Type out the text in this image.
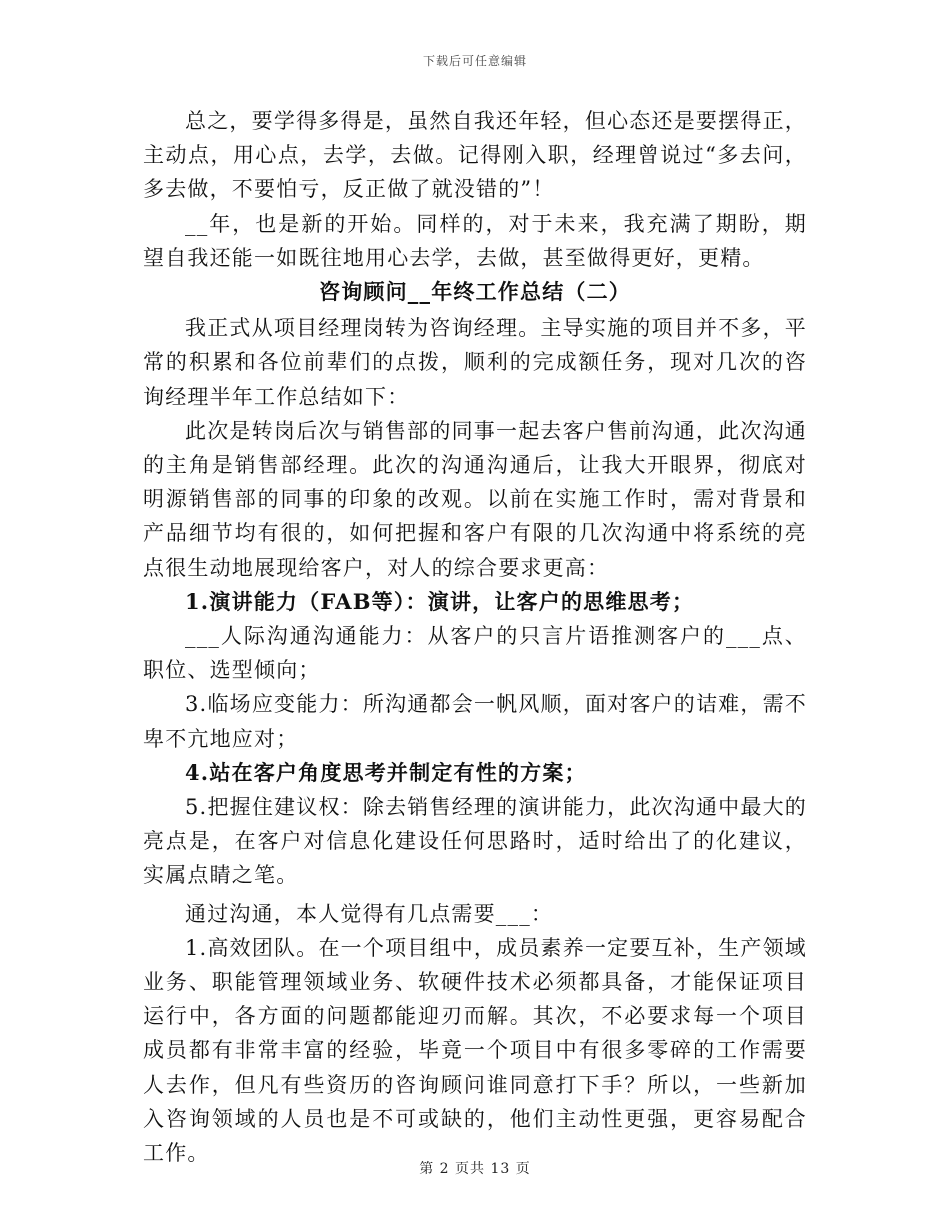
下载后可任意编辑

总之，要学得多得是，虽然自我还年轻，但心态还是要摆得正，主动点，用心点，去学，去做。记得刚入职，经理曾说过“多去问，多去做，不要怕亏，反正做了就没错的”！

__年，也是新的开始。同样的，对于未来，我充满了期盼，期望自我还能一如既往地用心去学，去做，甚至做得更好，更精。

咨询顾问__年终工作总结（二）

我正式从项目经理岗转为咨询经理。主导实施的项目并不多，平常的积累和各位前辈们的点拨，顺利的完成额任务，现对几次的咨询经理半年工作总结如下：

此次是转岗后次与销售部的同事一起去客户售前沟通，此次沟通的主角是销售部经理。此次的沟通沟通后，让我大开眼界，彻底对明源销售部的同事的印象的改观。以前在实施工作时，需对背景和产品细节均有很的，如何把握和客户有限的几次沟通中将系统的亮点很生动地展现给客户，对人的综合要求更高：

1.演讲能力（FAB等）：演讲，让客户的思维思考；

___人际沟通沟通能力：从客户的只言片语推测客户的___点、职位、选型倾向；

3.临场应变能力：所沟通都会一帆风顺，面对客户的诘难，需不卑不亢地应对；

4.站在客户角度思考并制定有性的方案；

5.把握住建议权：除去销售经理的演讲能力，此次沟通中最大的亮点是，在客户对信息化建设任何思路时，适时给出了的化建议，实属点睛之笔。

通过沟通，本人觉得有几点需要___：

1.高效团队。在一个项目组中，成员素养一定要互补，生产领域业务、职能管理领域业务、软硬件技术必须都具备，才能保证项目运行中，各方面的问题都能迎刃而解。其次，不必要求每一个项目成员都有非常丰富的经验，毕竟一个项目中有很多零碎的工作需要人去作，但凡有些资历的咨询顾问谁同意打下手？所以，一些新加入咨询领域的人员也是不可或缺的，他们主动性更强，更容易配合工作。

第 2 页共 13 页
